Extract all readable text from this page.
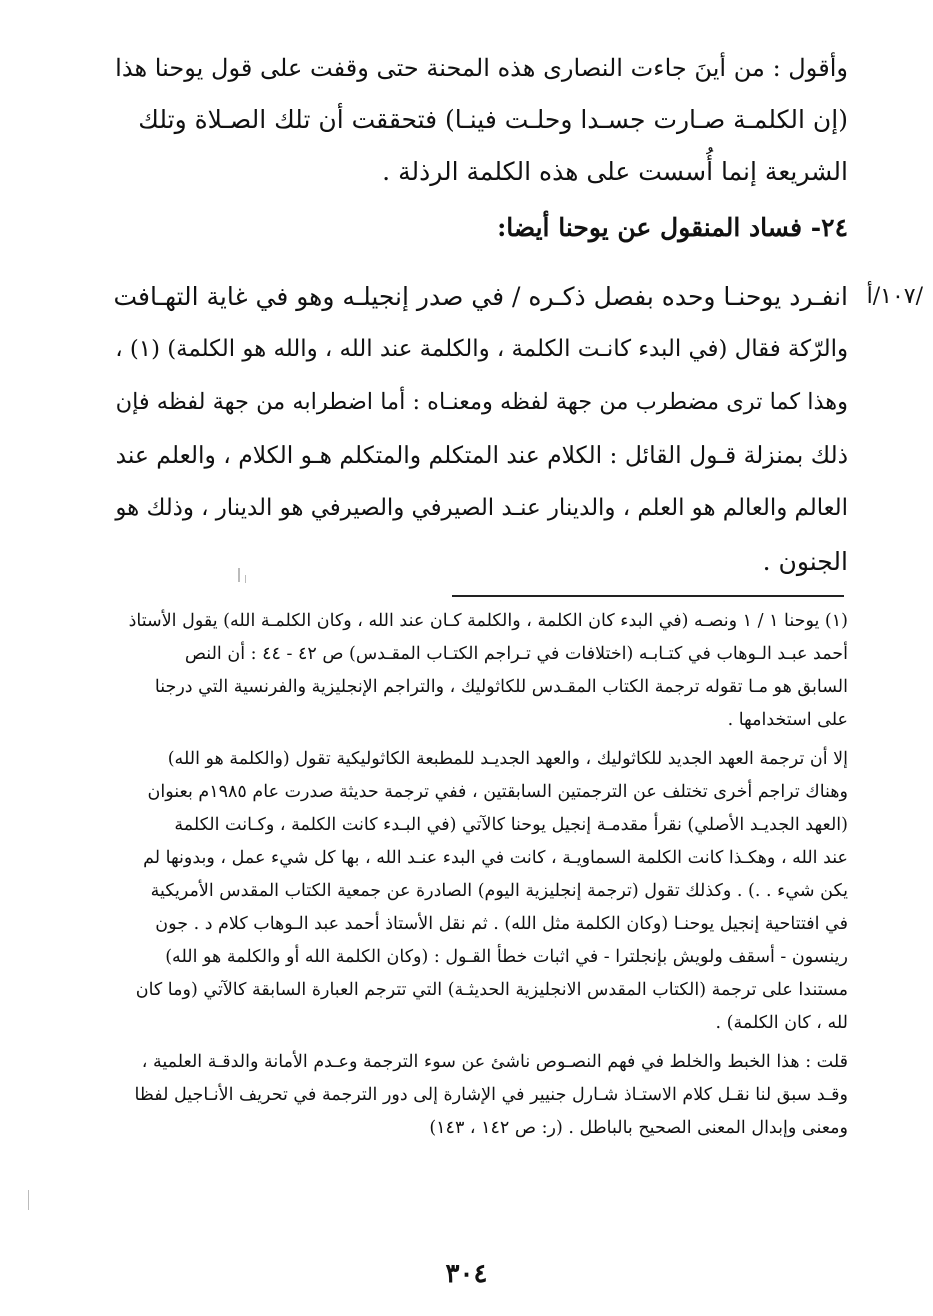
وأقول : من أينَ جاءت النصارى هذه المحنة حتى وقفت على قول يوحنا هذا
(إن الكلمـة صـارت جسـدا وحلـت فينـا) فتحققت أن تلك الصـلاة وتلك
الشريعة إنما أُسست على هذه الكلمة الرذلة .
٢٤- فساد المنقول عن يوحنا أيضا:
/١٠٧/أ
انفـرد يوحنـا وحده بفصل ذكـره / في صدر إنجيلـه وهو في غاية التهـافت
والرّكة فقال (في البدء كانـت الكلمة ، والكلمة عند الله ، والله هو الكلمة) (١) ،
وهذا كما ترى مضطرب من جهة لفظه ومعنـاه : أما اضطرابه من جهة لفظه فإن
ذلك بمنزلة قـول القائل : الكلام عند المتكلم والمتكلم هـو الكلام ، والعلم عند
العالم والعالم هو العلم ، والدينار عنـد الصيرفي والصيرفي هو الدينار ، وذلك هو
الجنون .
(١) يوحنا ١ / ١ ونصـه (في البدء كان الكلمة ، والكلمة كـان عند الله ، وكان الكلمـة الله) يقول الأستاذ
أحمد عبـد الـوهاب في كتـابـه (اختلافات في تـراجم الكتـاب المقـدس) ص ٤٢ - ٤٤ : أن النص
السابق هو مـا تقوله ترجمة الكتاب المقـدس للكاثوليك ، والتراجم الإنجليزية والفرنسية التي درجنا
على استخدامها .
إلا أن ترجمة العهد الجديد للكاثوليك ، والعهد الجديـد للمطبعة الكاثوليكية تقول (والكلمة هو الله)
وهناك تراجم أخرى تختلف عن الترجمتين السابقتين ، ففي ترجمة حديثة صدرت عام ١٩٨٥م بعنوان
(العهد الجديـد الأصلي) نقرأ مقدمـة إنجيل يوحنا كالآتي (في البـدء كانت الكلمة ، وكـانت الكلمة
عند الله ، وهكـذا كانت الكلمة السماويـة ، كانت في البدء عنـد الله ، بها كل شيء عمل ، وبدونها لم
يكن شيء . .) . وكذلك تقول (ترجمة إنجليزية اليوم) الصادرة عن جمعية الكتاب المقدس الأمريكية
في افتتاحية إنجيل يوحنـا (وكان الكلمة مثل الله) . ثم نقل الأستاذ أحمد عبد الـوهاب كلام د . جون
رينسون - أسقف ولويش بإنجلترا - في اثبات خطأ القـول : (وكان الكلمة الله أو والكلمة هو الله)
مستندا على ترجمة (الكتاب المقدس الانجليزية الحديثـة) التي تترجم العبارة السابقة كالآتي (وما كان
لله ، كان الكلمة) .
قلت : هذا الخبط والخلط في فهم النصـوص ناشئ عن سوء الترجمة وعـدم الأمانة والدقـة العلمية ،
وقـد سبق لنا نقـل كلام الاستـاذ شـارل جنيير في الإشارة إلى دور الترجمة في تحريف الأنـاجيل لفظا
ومعنى وإبدال المعنى الصحيح بالباطل . (ر: ص ١٤٢ ، ١٤٣)
٣٠٤
